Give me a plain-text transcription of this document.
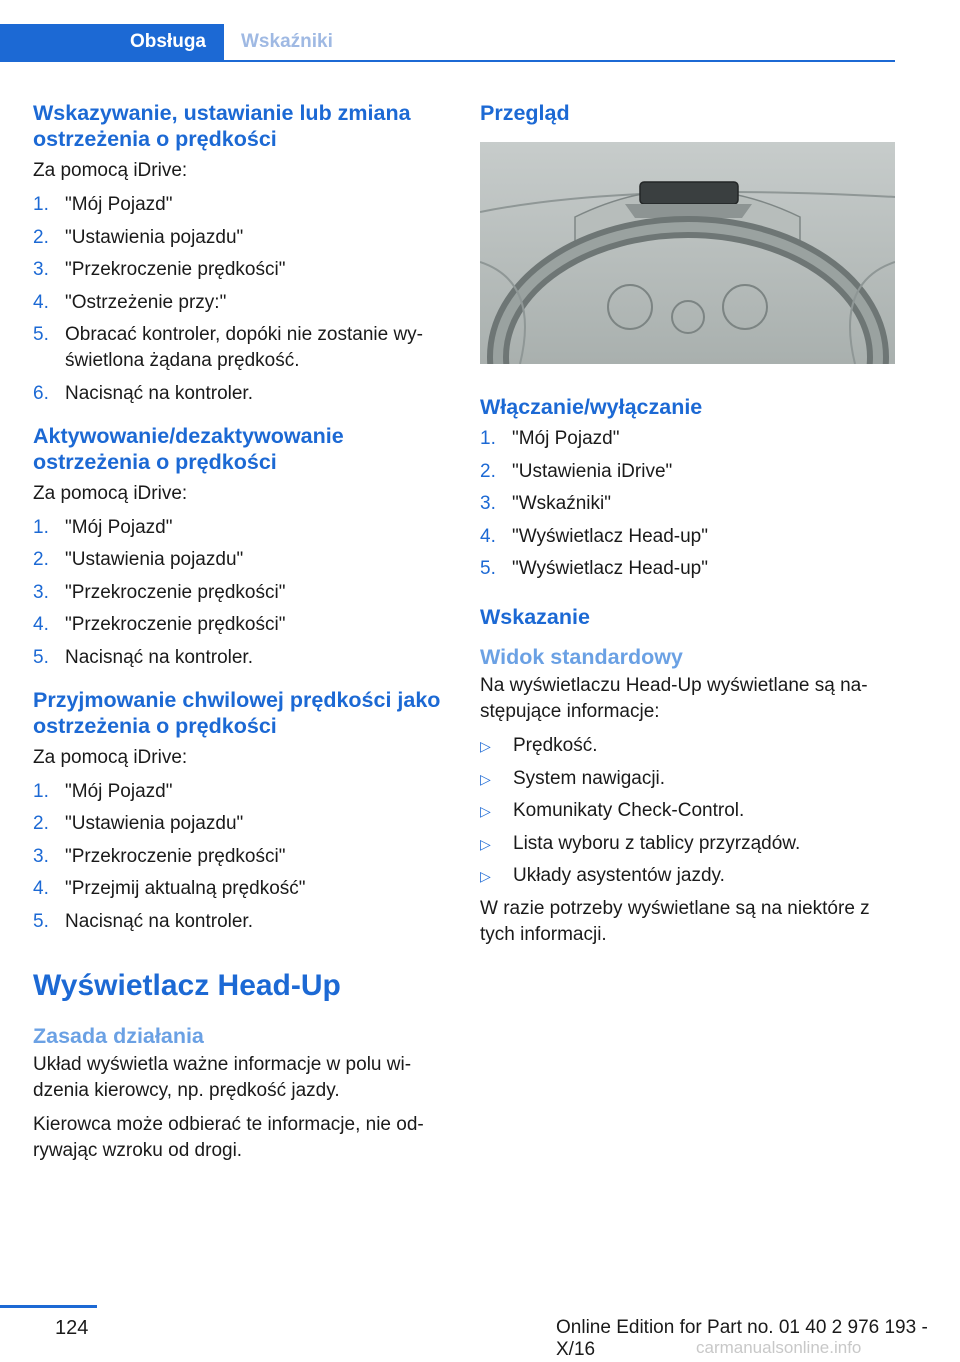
Obsługa	Wskaźniki
Wskazywanie, ustawianie lub zmiana ostrzeżenia o prędkości

Za pomocą iDrive:

1. "Mój Pojazd"
2. "Ustawienia pojazdu"
3. "Przekroczenie prędkości"
4. "Ostrzeżenie przy:"
5. Obracać kontroler, dopóki nie zostanie wy-świetlona żądana prędkość.
6. Nacisnąć na kontroler.
Aktywowanie/dezaktywowanie ostrzeżenia o prędkości

Za pomocą iDrive:

1. "Mój Pojazd"
2. "Ustawienia pojazdu"
3. "Przekroczenie prędkości"
4. "Przekroczenie prędkości"
5. Nacisnąć na kontroler.
Przyjmowanie chwilowej prędkości jako ostrzeżenia o prędkości

Za pomocą iDrive:

1. "Mój Pojazd"
2. "Ustawienia pojazdu"
3. "Przekroczenie prędkości"
4. "Przejmij aktualną prędkość"
5. Nacisnąć na kontroler.
Wyświetlacz Head-Up
Zasada działania

Układ wyświetla ważne informacje w polu wi-dzenia kierowcy, np. prędkość jazdy.

Kierowca może odbierać te informacje, nie od-rywając wzroku od drogi.

Przegląd
Włączanie/wyłączanie
1. "Mój Pojazd"
2. "Ustawienia iDrive"
3. "Wskaźniki"
4. "Wyświetlacz Head-up"
5. "Wyświetlacz Head-up"
Wskazanie
Widok standardowy

Na wyświetlaczu Head-Up wyświetlane są na-stępujące informacje:

▷	Prędkość.
▷	System nawigacji.
▷	Komunikaty Check-Control.
▷	Lista wyboru z tablicy przyrządów.
▷	Układy asystentów jazdy.

W razie potrzeby wyświetlane są na niektóre z tych informacji.

124	Online Edition for Part no. 01 40 2 976 193 - X/16	carmanualsonline.info
